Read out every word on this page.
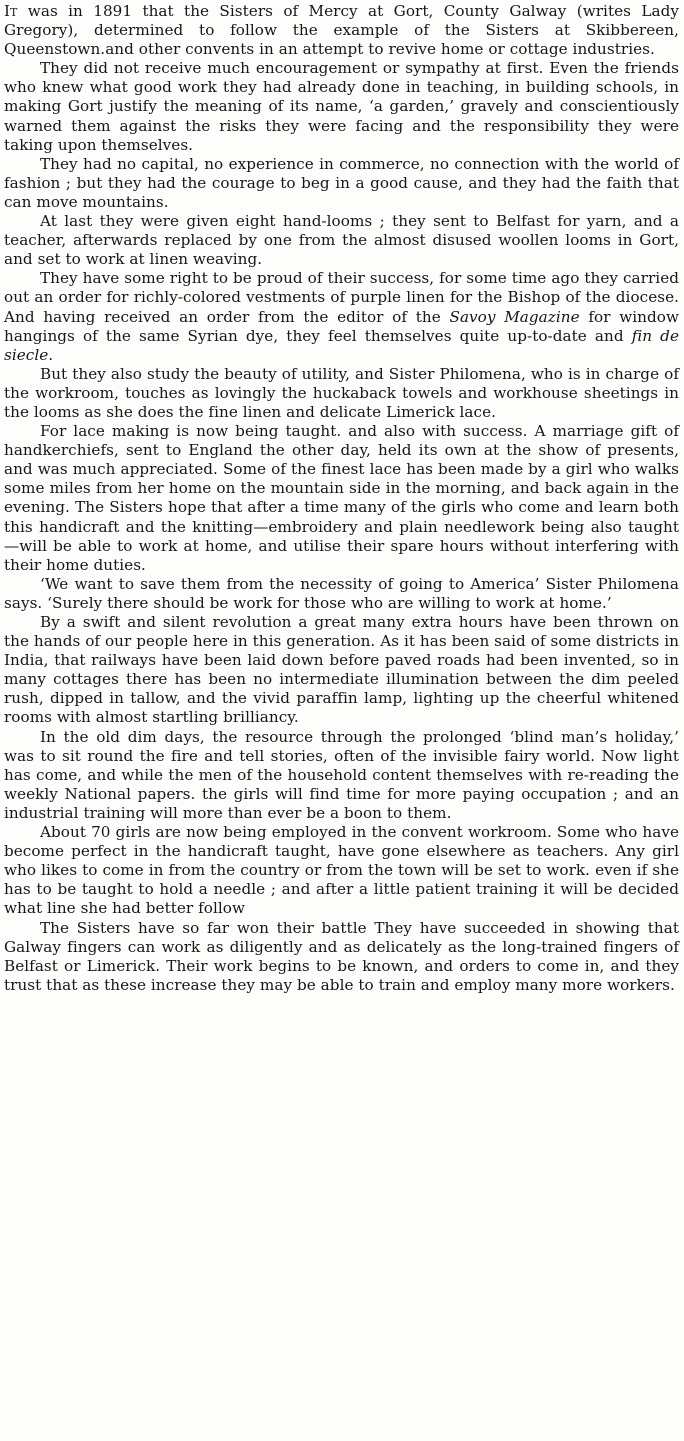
It was in 1891 that the Sisters of Mercy at Gort, County Galway (writes Lady Gregory), determined to follow the example of the Sisters at Skibbereen, Queenstown.and other convents in an attempt to revive home or cottage industries.

They did not receive much encouragement or sympathy at first. Even the friends who knew what good work they had already done in teaching, in building schools, in making Gort justify the meaning of its name, ‘a garden,’ gravely and conscientiously warned them against the risks they were facing and the responsibility they were taking upon themselves.

They had no capital, no experience in commerce, no connection with the world of fashion ; but they had the courage to beg in a good cause, and they had the faith that can move mountains.

At last they were given eight hand-looms ; they sent to Belfast for yarn, and a teacher, afterwards replaced by one from the almost disused woollen looms in Gort, and set to work at linen weaving.

They have some right to be proud of their success, for some time ago they carried out an order for richly-colored vestments of purple linen for the Bishop of the diocese. And having received an order from the editor of the Savoy Magazine for window hangings of the same Syrian dye, they feel themselves quite up-to-date and fin de siecle.

But they also study the beauty of utility, and Sister Philomena, who is in charge of the workroom, touches as lovingly the huckaback towels and workhouse sheetings in the looms as she does the fine linen and delicate Limerick lace.

For lace making is now being taught. and also with success. A marriage gift of handkerchiefs, sent to England the other day, held its own at the show of presents, and was much appreciated. Some of the finest lace has been made by a girl who walks some miles from her home on the mountain side in the morning, and back again in the evening. The Sisters hope that after a time many of the girls who come and learn both this handicraft and the knitting—embroidery and plain needlework being also taught—will be able to work at home, and utilise their spare hours without interfering with their home duties.

‘We want to save them from the necessity of going to America’ Sister Philomena says. ‘Surely there should be work for those who are willing to work at home.’

By a swift and silent revolution a great many extra hours have been thrown on the hands of our people here in this generation. As it has been said of some districts in India, that railways have been laid down before paved roads had been invented, so in many cottages there has been no intermediate illumination between the dim peeled rush, dipped in tallow, and the vivid paraffin lamp, lighting up the cheerful whitened rooms with almost startling brilliancy.

In the old dim days, the resource through the prolonged ‘blind man’s holiday,’ was to sit round the fire and tell stories, often of the invisible fairy world. Now light has come, and while the men of the household content themselves with re-reading the weekly National papers. the girls will find time for more paying occupation ; and an industrial training will more than ever be a boon to them.

About 70 girls are now being employed in the convent workroom. Some who have become perfect in the handicraft taught, have gone elsewhere as teachers. Any girl who likes to come in from the country or from the town will be set to work. even if she has to be taught to hold a needle ; and after a little patient training it will be decided what line she had better follow

The Sisters have so far won their battle They have succeeded in showing that Galway fingers can work as diligently and as delicately as the long-trained fingers of Belfast or Limerick. Their work begins to be known, and orders to come in, and they trust that as these increase they may be able to train and employ many more workers.
